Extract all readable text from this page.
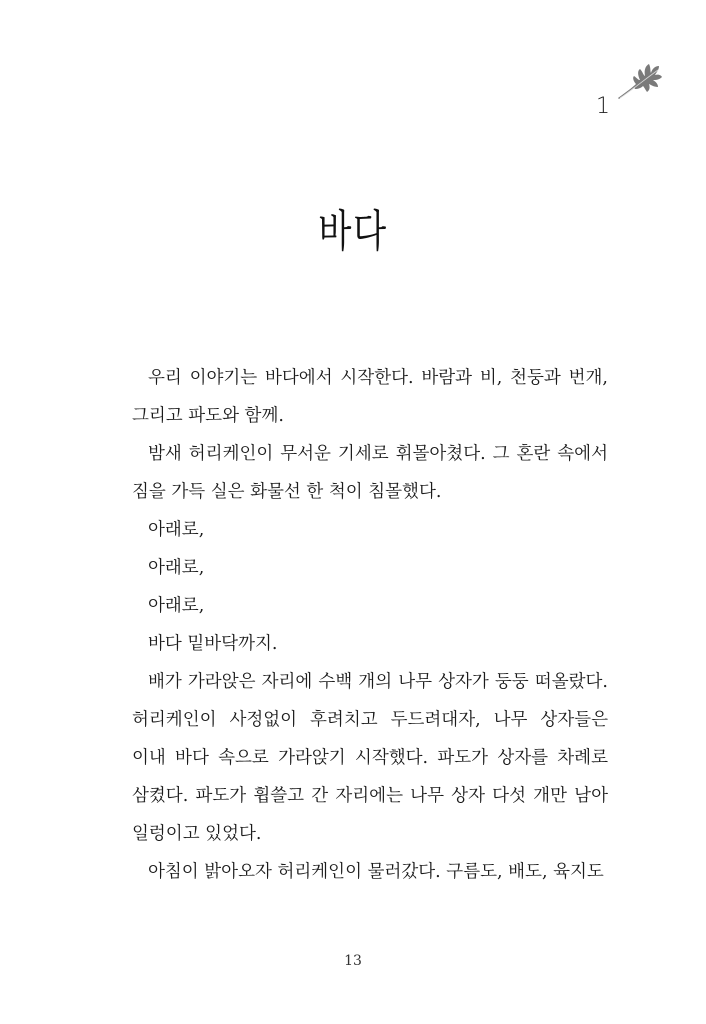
1
바다

우리 이야기는 바다에서 시작한다. 바람과 비, 천둥과 번개, 그리고 파도와 함께.

밤새 허리케인이 무서운 기세로 휘몰아쳤다. 그 혼란 속에서 짐을 가득 실은 화물선 한 척이 침몰했다.

아래로,

아래로,

아래로,

바다 밑바닥까지.

배가 가라앉은 자리에 수백 개의 나무 상자가 둥둥 떠올랐다. 허리케인이 사정없이 후려치고 두드려대자, 나무 상자들은 이내 바다 속으로 가라앉기 시작했다. 파도가 상자를 차례로 삼켰다. 파도가 휩쓸고 간 자리에는 나무 상자 다섯 개만 남아 일렁이고 있었다.

아침이 밝아오자 허리케인이 물러갔다. 구름도, 배도, 육지도

13
